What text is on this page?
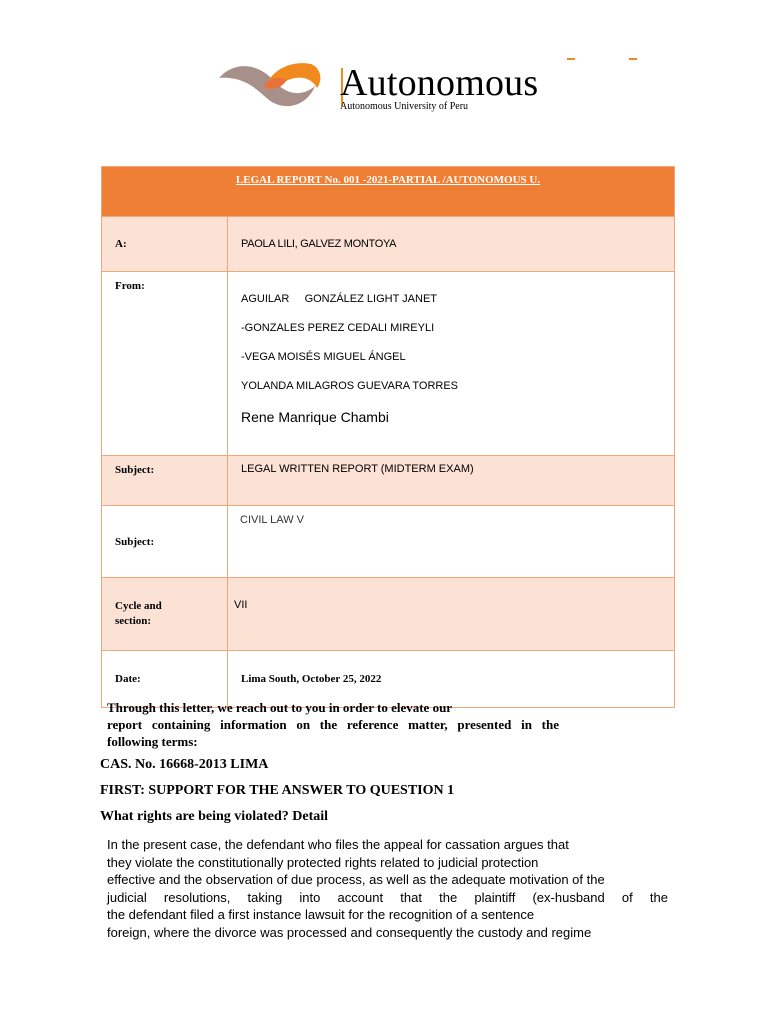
Autonomous
Autonomous University of Peru
LEGAL REPORT No. 001 -2021-PARTIAL /AUTONOMOUS U.	
A:	PAOLA LILI, GALVEZ MONTOYA
From:	AGUILAR     GONZÁLEZ LIGHT JANET
-GONZALES PEREZ CEDALI MIREYLI
-VEGA MOISÉS MIGUEL ÁNGEL
YOLANDA MILAGROS GUEVARA TORRES
Rene Manrique Chambi

Subject:	LEGAL WRITTEN REPORT (MIDTERM EXAM)
Subject:	CIVIL LAW V

Cycle and
section:	VII
Date:	Lima South, October 25, 2022
Through this letter, we reach out to you in order to elevate our
report containing information on the reference matter, presented in the
following terms:
CAS. No. 16668-2013 LIMA
FIRST: SUPPORT FOR THE ANSWER TO QUESTION 1
What rights are being violated? Detail
In the present case, the defendant who files the appeal for cassation argues that
they violate the constitutionally protected rights related to judicial protection
effective and the observation of due process, as well as the adequate motivation of the
judicial resolutions, taking into account that the plaintiff (ex-husband of the
the defendant filed a first instance lawsuit for the recognition of a sentence
foreign, where the divorce was processed and consequently the custody and regime
